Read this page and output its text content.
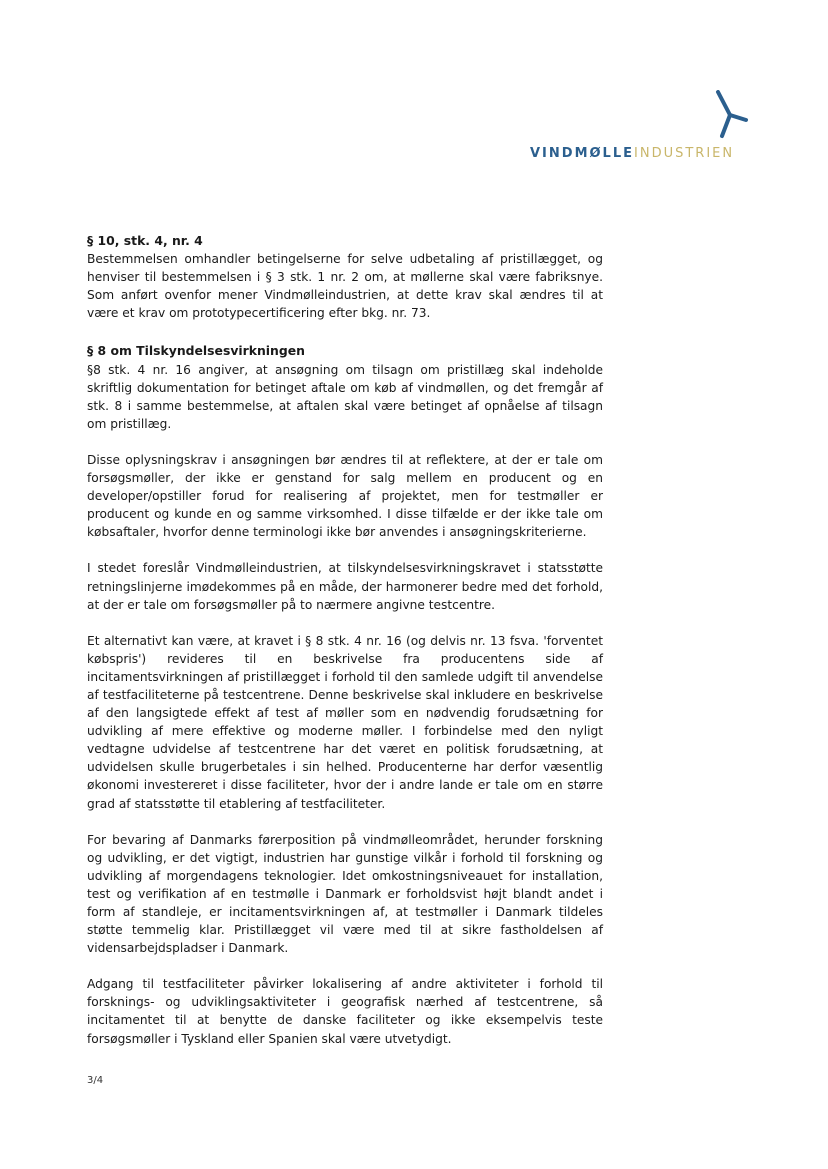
VINDMØLLEINDUSTRIEN

§ 10, stk. 4, nr. 4

Bestemmelsen omhandler betingelserne for selve udbetaling af pristillægget, og henviser til bestemmelsen i § 3 stk. 1 nr. 2 om, at møllerne skal være fabriksnye. Som anført ovenfor mener Vindmølleindustrien, at dette krav skal ændres til at være et krav om prototypecertificering efter bkg. nr. 73.

§ 8 om Tilskyndelsesvirkningen

§8 stk. 4 nr. 16 angiver, at ansøgning om tilsagn om pristillæg skal indeholde skriftlig dokumentation for betinget aftale om køb af vindmøllen, og det fremgår af stk. 8 i samme bestemmelse, at aftalen skal være betinget af opnåelse af tilsagn om pristillæg.

Disse oplysningskrav i ansøgningen bør ændres til at reflektere, at der er tale om forsøgsmøller, der ikke er genstand for salg mellem en producent og en developer/opstiller forud for realisering af projektet, men for testmøller er producent og kunde en og samme virksomhed. I disse tilfælde er der ikke tale om købsaftaler, hvorfor denne terminologi ikke bør anvendes i ansøgningskriterierne.

I stedet foreslår Vindmølleindustrien, at tilskyndelsesvirkningskravet i statsstøtte retningslinjerne imødekommes på en måde, der harmonerer bedre med det forhold, at der er tale om forsøgsmøller på to nærmere angivne testcentre.

Et alternativt kan være, at kravet i § 8 stk. 4 nr. 16 (og delvis nr. 13 fsva. 'forventet købspris') revideres til en beskrivelse fra producentens side af incitamentsvirkningen af pristillægget i forhold til den samlede udgift til anvendelse af testfaciliteterne på testcentrene. Denne beskrivelse skal inkludere en beskrivelse af den langsigtede effekt af test af møller som en nødvendig forudsætning for udvikling af mere effektive og moderne møller. I forbindelse med den nyligt vedtagne udvidelse af testcentrene har det været en politisk forudsætning, at udvidelsen skulle brugerbetales i sin helhed. Producenterne har derfor væsentlig økonomi investereret i disse faciliteter, hvor der i andre lande er tale om en større grad af statsstøtte til etablering af testfaciliteter.

For bevaring af Danmarks førerposition på vindmølleområdet, herunder forskning og udvikling, er det vigtigt, industrien har gunstige vilkår i forhold til forskning og udvikling af morgendagens teknologier. Idet omkostningsniveauet for installation, test og verifikation af en testmølle i Danmark er forholdsvist højt blandt andet i form af standleje, er incitamentsvirkningen af, at testmøller i Danmark tildeles støtte temmelig klar. Pristillægget vil være med til at sikre fastholdelsen af vidensarbejdspladser i Danmark.

Adgang til testfaciliteter påvirker lokalisering af andre aktiviteter i forhold til forsknings- og udviklingsaktiviteter i geografisk nærhed af testcentrene, så incitamentet til at benytte de danske faciliteter og ikke eksempelvis teste forsøgsmøller i Tyskland eller Spanien skal være utvetydigt.

3/4
